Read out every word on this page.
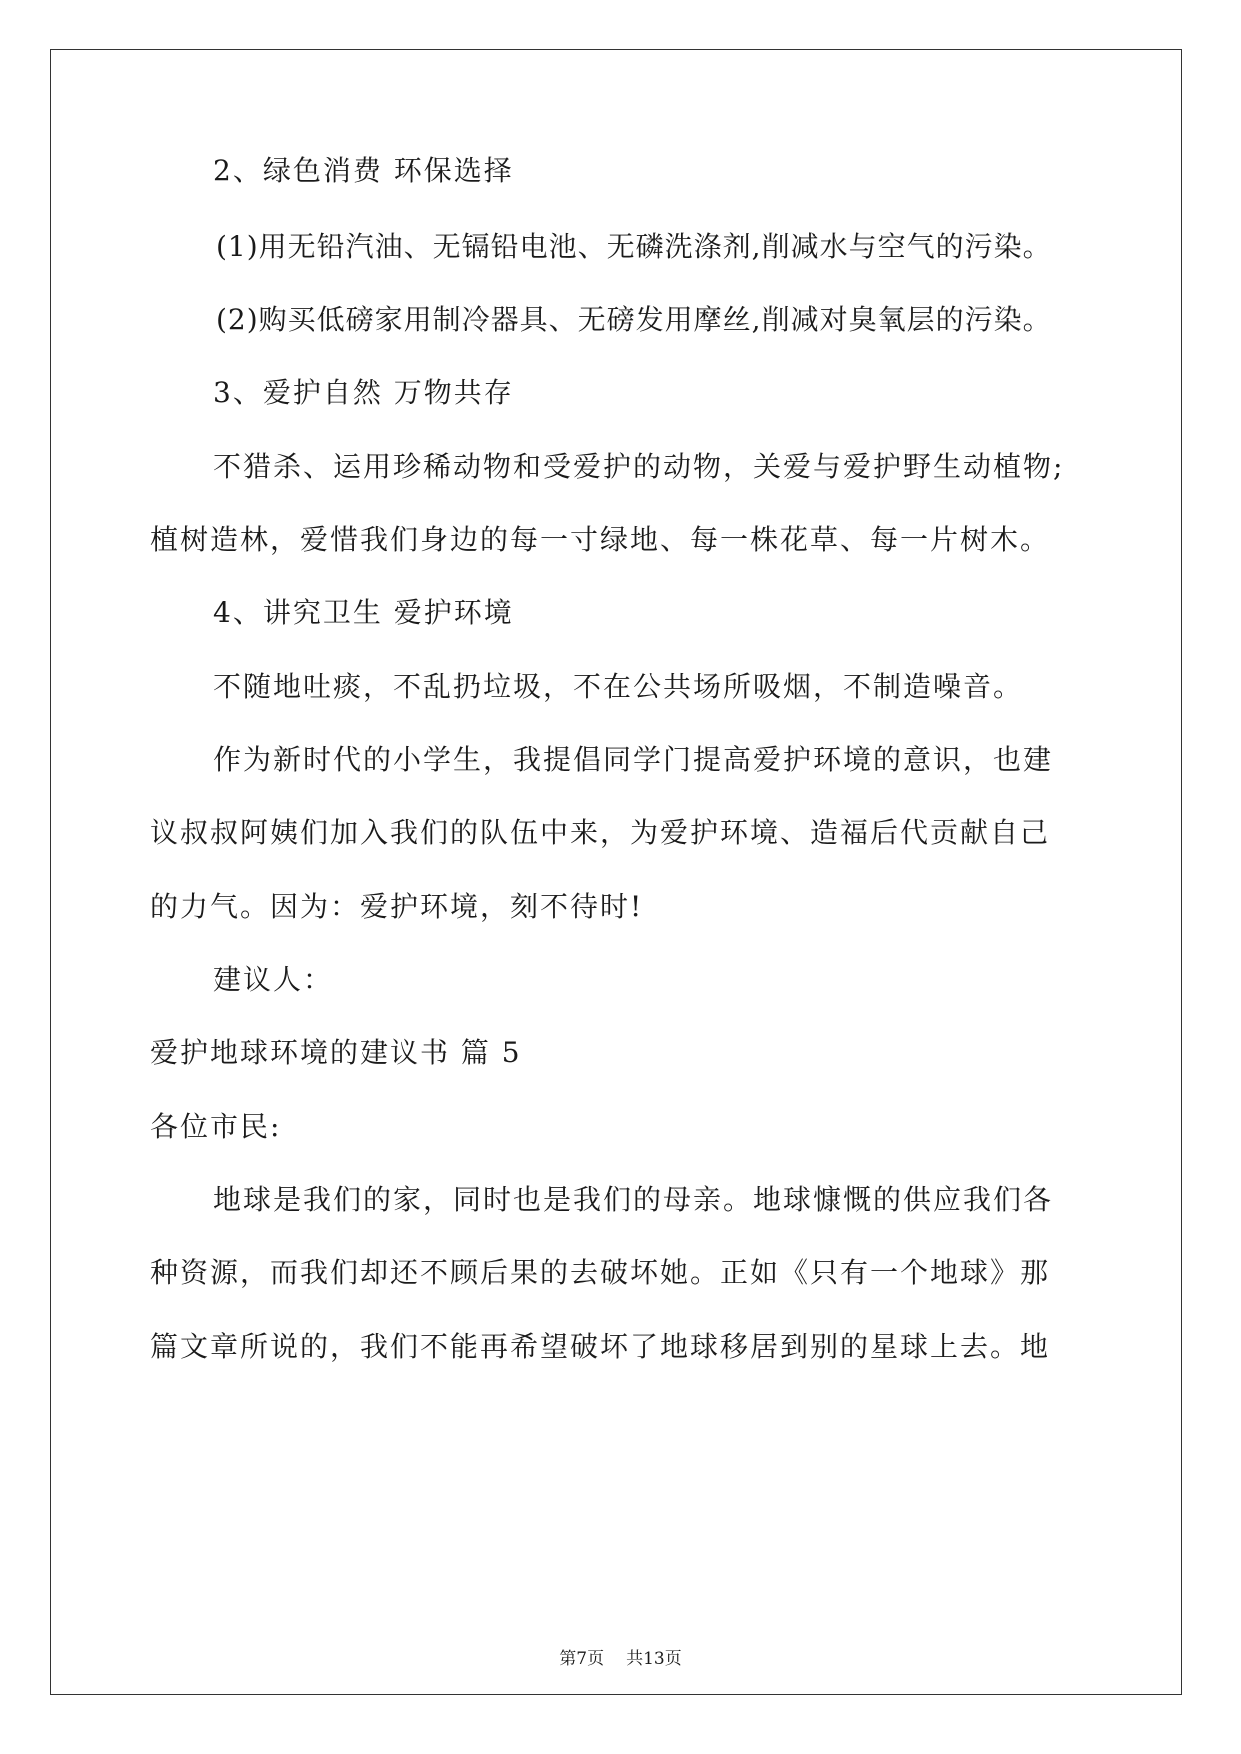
2、绿色消费 环保选择
(1)用无铅汽油、无镉铅电池、无磷洗涤剂,削减水与空气的污染。
(2)购买低磅家用制冷器具、无磅发用摩丝,削减对臭氧层的污染。
3、爱护自然 万物共存
不猎杀、运用珍稀动物和受爱护的动物，关爱与爱护野生动植物;
植树造林，爱惜我们身边的每一寸绿地、每一株花草、每一片树木。
4、讲究卫生 爱护环境
不随地吐痰，不乱扔垃圾，不在公共场所吸烟，不制造噪音。
作为新时代的小学生，我提倡同学门提高爱护环境的意识，也建
议叔叔阿姨们加入我们的队伍中来，为爱护环境、造福后代贡献自己
的力气。因为：爱护环境，刻不待时!
建议人：
爱护地球环境的建议书 篇 5
各位市民:
地球是我们的家，同时也是我们的母亲。地球慷慨的供应我们各
种资源，而我们却还不顾后果的去破坏她。正如《只有一个地球》那
篇文章所说的，我们不能再希望破坏了地球移居到别的星球上去。地
第7页 共13页
